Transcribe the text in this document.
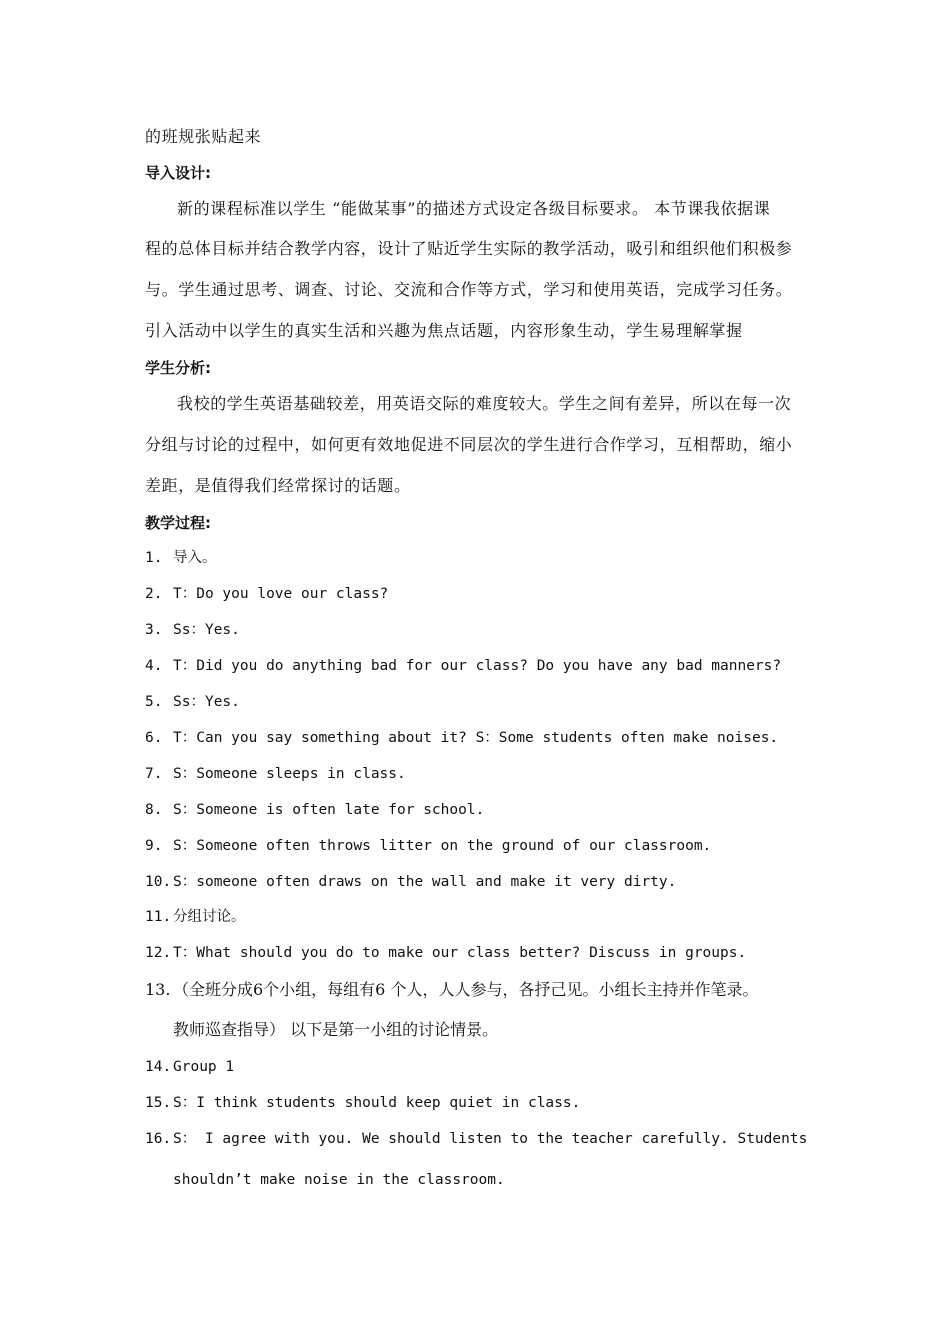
的班规张贴起来
导入设计:
新的课程标准以学生 “能做某事”的描述方式设定各级目标要求。 本节课我依据课
程的总体目标并结合教学内容，设计了贴近学生实际的教学活动，吸引和组织他们积极参
与。学生通过思考、调查、讨论、交流和合作等方式，学习和使用英语，完成学习任务。
引入活动中以学生的真实生活和兴趣为焦点话题，内容形象生动，学生易理解掌握
学生分析:
我校的学生英语基础较差，用英语交际的难度较大。学生之间有差异，所以在每一次
分组与讨论的过程中，如何更有效地促进不同层次的学生进行合作学习，互相帮助，缩小
差距，是值得我们经常探讨的话题。
教学过程:
1. 导入。
2. T：Do you love our class?
3. Ss：Yes.
4. T：Did you do anything bad for our class? Do you have any bad manners?
5. Ss：Yes.
6. T：Can you say something about it? S：Some students often make noises.
7. S：Someone sleeps in class.
8. S：Someone is often late for school.
9. S：Someone often throws litter on the ground of our classroom.
10. S：someone often draws on the wall and make it very dirty.
11. 分组讨论。
12. T：What should you do to make our class better? Discuss in groups.
13. （全班分成6个小组，每组有6 个人，人人参与，各抒己见。小组长主持并作笔录。
教师巡查指导） 以下是第一小组的讨论情景。
14. Group 1
15. S：I think students should keep quiet in class.
16. S： I agree with you. We should listen to the teacher carefully. Students
shouldn’t make noise in the classroom.
